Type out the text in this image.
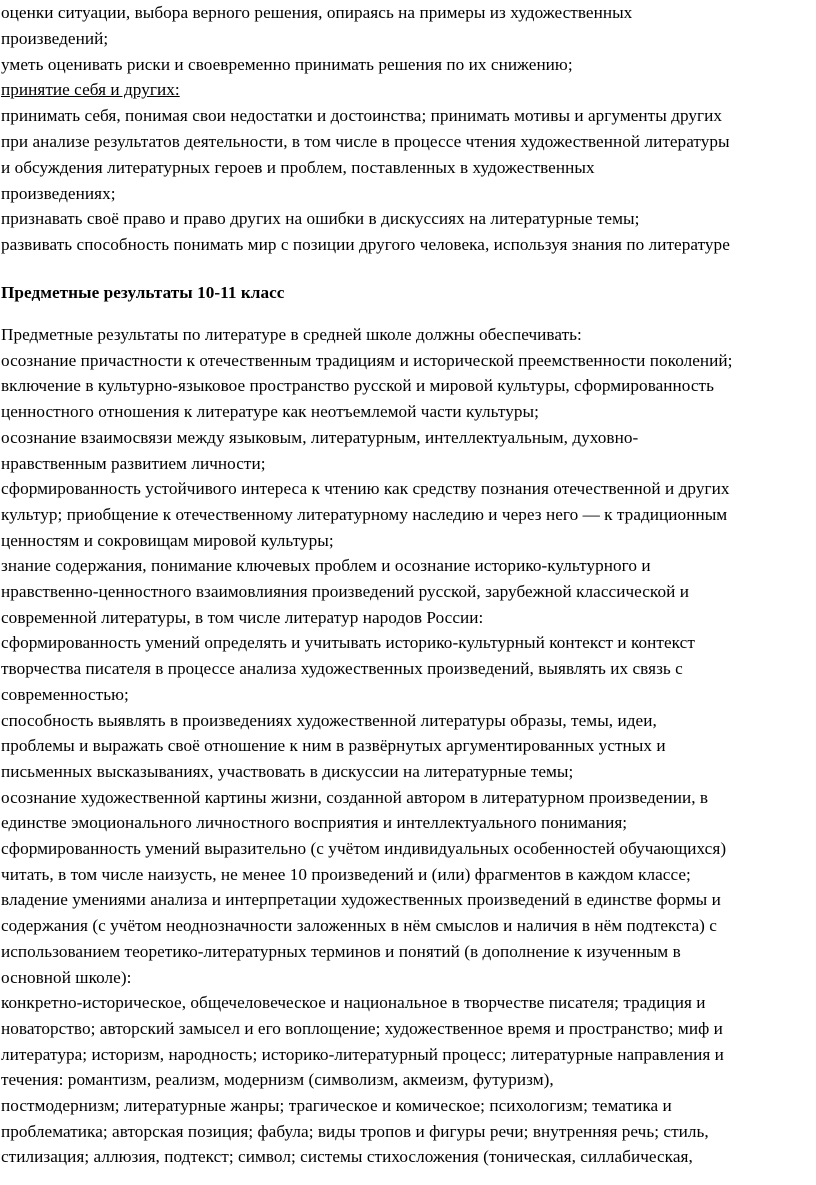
оценки ситуации, выбора верного решения, опираясь на примеры из художественных
произведений;
уметь оценивать риски и своевременно принимать решения по их снижению;
принятие себя и других:
принимать себя, понимая свои недостатки и достоинства; принимать мотивы и аргументы других
при анализе результатов деятельности, в том числе в процессе чтения художественной литературы
и обсуждения литературных героев и проблем, поставленных в художественных
произведениях;
признавать своё право и право других на ошибки в дискуссиях на литературные темы;
развивать способность понимать мир с позиции другого человека, используя знания по литературе
Предметные результаты 10-11 класс
Предметные результаты по литературе в средней школе должны обеспечивать:
осознание причастности к отечественным традициям и исторической преемственности поколений;
включение в культурно-языковое пространство русской и мировой культуры, сформированность
ценностного отношения к литературе как неотъемлемой части культуры;
осознание взаимосвязи между языковым, литературным, интеллектуальным, духовно-
нравственным развитием личности;
сформированность устойчивого интереса к чтению как средству познания отечественной и других
культур; приобщение к отечественному литературному наследию и через него — к традиционным
ценностям и сокровищам мировой культуры;
знание содержания, понимание ключевых проблем и осознание историко-культурного и
нравственно-ценностного взаимовлияния произведений русской, зарубежной классической и
современной литературы, в том числе литератур народов России:
сформированность умений определять и учитывать историко-культурный контекст и контекст
творчества писателя в процессе анализа художественных произведений, выявлять их связь с
современностью;
способность выявлять в произведениях художественной литературы образы, темы, идеи,
проблемы и выражать своё отношение к ним в развёрнутых аргументированных устных и
письменных высказываниях, участвовать в дискуссии на литературные темы;
осознание художественной картины жизни, созданной автором в литературном произведении, в
единстве эмоционального личностного восприятия и интеллектуального понимания;
сформированность умений выразительно (с учётом индивидуальных особенностей обучающихся)
читать, в том числе наизусть, не менее 10 произведений и (или) фрагментов в каждом классе;
владение умениями анализа и интерпретации художественных произведений в единстве формы и
содержания (с учётом неоднозначности заложенных в нём смыслов и наличия в нём подтекста) с
использованием теоретико-литературных терминов и понятий (в дополнение к изученным в
основной школе):
конкретно-историческое, общечеловеческое и национальное в творчестве писателя; традиция и
новаторство; авторский замысел и его воплощение; художественное время и пространство; миф и
литература; историзм, народность; историко-литературный процесс; литературные направления и
течения: романтизм, реализм, модернизм (символизм, акмеизм, футуризм),
постмодернизм; литературные жанры; трагическое и комическое; психологизм; тематика и
проблематика; авторская позиция; фабула; виды тропов и фигуры речи; внутренняя речь; стиль,
стилизация; аллюзия, подтекст; символ; системы стихосложения (тоническая, силлабическая,
